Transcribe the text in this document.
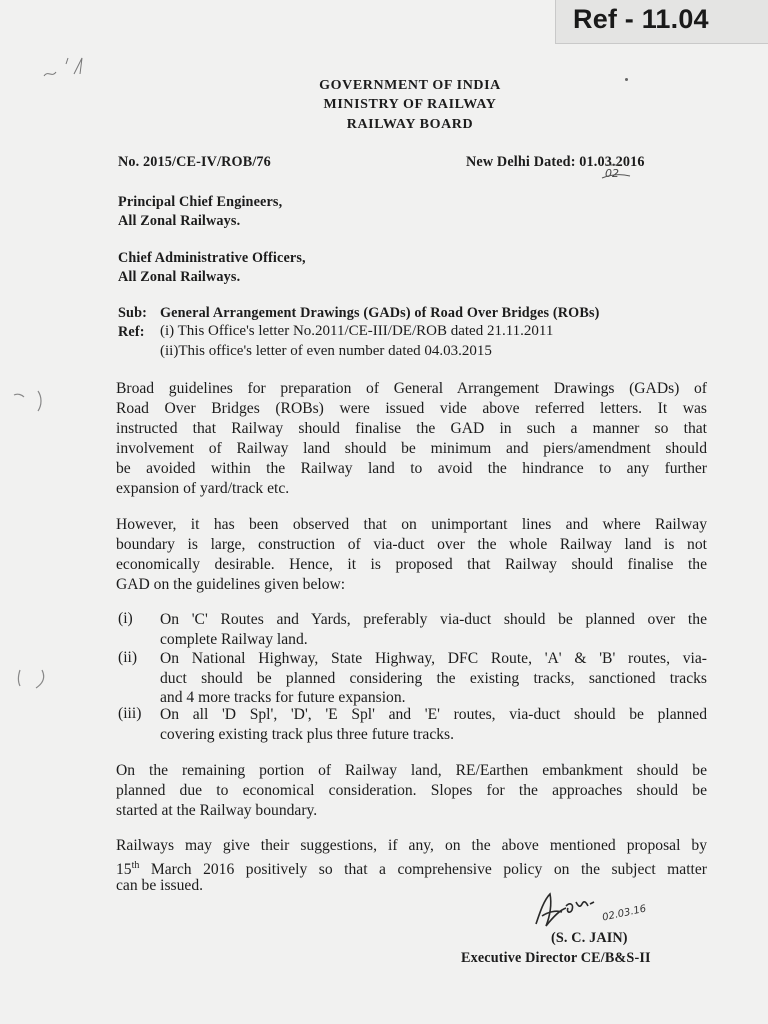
Ref - 11.04
GOVERNMENT OF INDIA
MINISTRY OF RAILWAY
RAILWAY BOARD
No. 2015/CE-IV/ROB/76	New Delhi Dated: 01.03.2016
02
Principal Chief Engineers,
All Zonal Railways.
Chief Administrative Officers,
All Zonal Railways.
Sub: General Arrangement Drawings (GADs) of Road Over Bridges (ROBs)
Ref: (i) This Office's letter No.2011/CE-III/DE/ROB dated 21.11.2011
(ii)This office's letter of even number dated 04.03.2015
Broad guidelines for preparation of General Arrangement Drawings (GADs) of
Road Over Bridges (ROBs) were issued vide above referred letters. It was
instructed that Railway should finalise the GAD in such a manner so that
involvement of Railway land should be minimum and piers/amendment should
be avoided within the Railway land to avoid the hindrance to any further
expansion of yard/track etc.
However, it has been observed that on unimportant lines and where Railway
boundary is large, construction of via-duct over the whole Railway land is not
economically desirable. Hence, it is proposed that Railway should finalise the
GAD on the guidelines given below:
(i) On 'C' Routes and Yards, preferably via-duct should be planned over the
complete Railway land.
(ii) On National Highway, State Highway, DFC Route, 'A' & 'B' routes, via-
duct should be planned considering the existing tracks, sanctioned tracks
and 4 more tracks for future expansion.
(iii) On all 'D Spl', 'D', 'E Spl' and 'E' routes, via-duct should be planned
covering existing track plus three future tracks.
On the remaining portion of Railway land, RE/Earthen embankment should be
planned due to economical consideration. Slopes for the approaches should be
started at the Railway boundary.
Railways may give their suggestions, if any, on the above mentioned proposal by
15th March 2016 positively so that a comprehensive policy on the subject matter
can be issued.
02.03.16
(S. C. JAIN)
Executive Director CE/B&S-II
